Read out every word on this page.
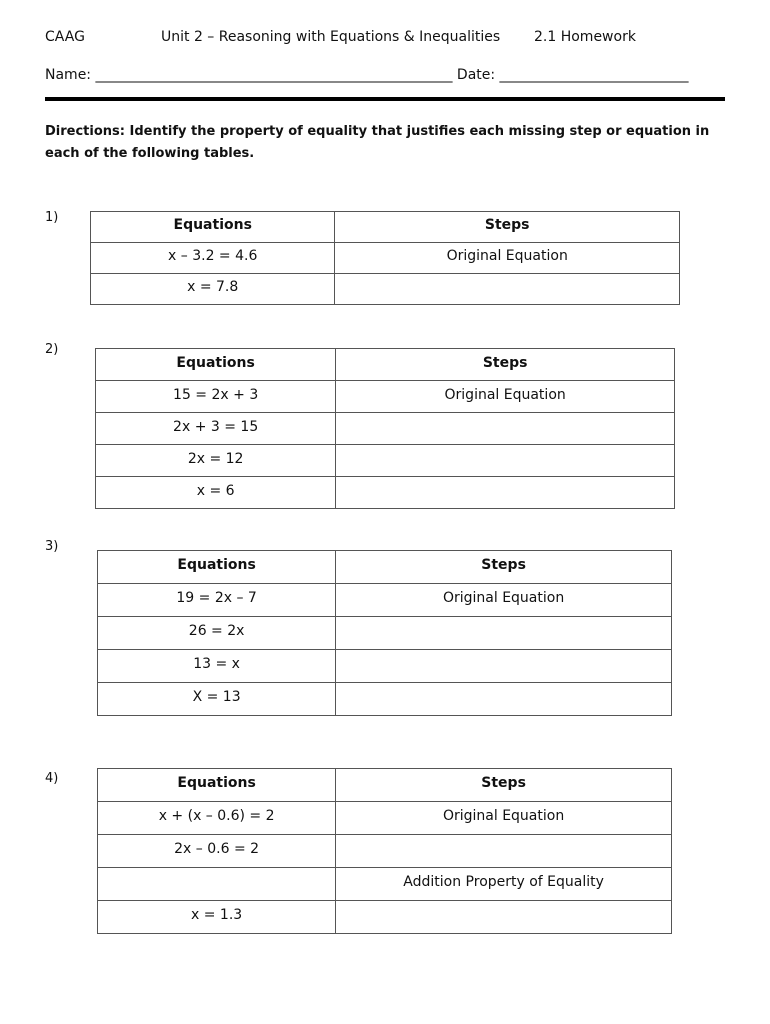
CAAG	Unit 2 – Reasoning with Equations & Inequalities 2.1 Homework
Name: ___________________________________________________ Date: ___________________________
Directions: Identify the property of equality that justifies each missing step or equation in each of the following tables.
1)	Equations	Steps
x – 3.2 = 4.6	Original Equation
x = 7.8	
2)
Equations	Steps
15 = 2x + 3	Original Equation
2x + 3 = 15	
2x = 12	
x = 6	
3)
Equations	Steps
19 = 2x – 7	Original Equation
26 = 2x	
13 = x	
X = 13	
4)	Equations	Steps
x + (x – 0.6) = 2	Original Equation
2x – 0.6 = 2	
	Addition Property of Equality
x = 1.3	
